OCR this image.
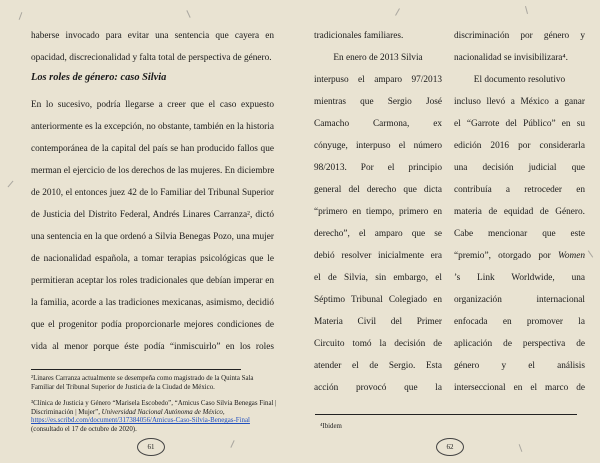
haberse invocado para evitar una sentencia que cayera en
opacidad, discrecionalidad y falta total de perspectiva de género.
Los roles de género: caso Silvia
En lo sucesivo, podría llegarse a creer que el caso expuesto
anteriormente es la excepción, no obstante, también en la historia
contemporánea de la capital del país se han producido fallos que
merman el ejercicio de los derechos de las mujeres. En diciembre
de 2010, el entonces juez 42 de lo Familiar del Tribunal Superior
de Justicia del Distrito Federal, Andrés Linares Carranza², dictó
una sentencia en la que ordenó a Silvia Benegas Pozo, una mujer
de nacionalidad española, a tomar terapias psicológicas que le
permitieran aceptar los roles tradicionales que debían imperar en
la familia, acorde a las tradiciones mexicanas, asimismo, decidió
que el progenitor podía proporcionarle mejores condiciones de
vida al menor porque éste podía “inmiscuirlo” en los roles
²Linares Carranza actualmente se desempeña como magistrado de la Quinta Sala Familiar del Tribunal Superior de Justicia de la Ciudad de México.
³Clínica de Justicia y Género “Marisela Escobedo”, “Amicus Caso Silvia Benegas Final | Discriminación | Mujer”, Universidad Nacional Autónoma de México, https://es.scribd.com/document/317384056/Amicus-Caso-Silvia-Benegas-Final (consultado el 17 de octubre de 2020).
61
tradicionales familiares.
En enero de 2013 Silvia
interpuso el amparo 97/2013
mientras que Sergio José
Camacho Carmona, ex
cónyuge, interpuso el número
98/2013. Por el principio
general del derecho que dicta
“primero en tiempo, primero en
derecho”, el amparo que se
debió resolver inicialmente era
el de Silvia, sin embargo, el
Séptimo Tribunal Colegiado en
Materia Civil del Primer
Circuito tomó la decisión de
atender el de Sergio. Esta
acción provocó que la
discriminación por género y
nacionalidad se invisibilizara⁴.
El documento resolutivo
incluso llevó a México a ganar
el “Garrote del Público” en su
edición 2016 por considerarla
una decisión judicial que
contribuía a retroceder en
materia de equidad de Género.
Cabe mencionar que este
“premio”, otorgado por Women
’s Link Worldwide, una
organización internacional
enfocada en promover la
aplicación de perspectiva de
género y el análisis
interseccional en el marco de
⁴Ibidem
62
